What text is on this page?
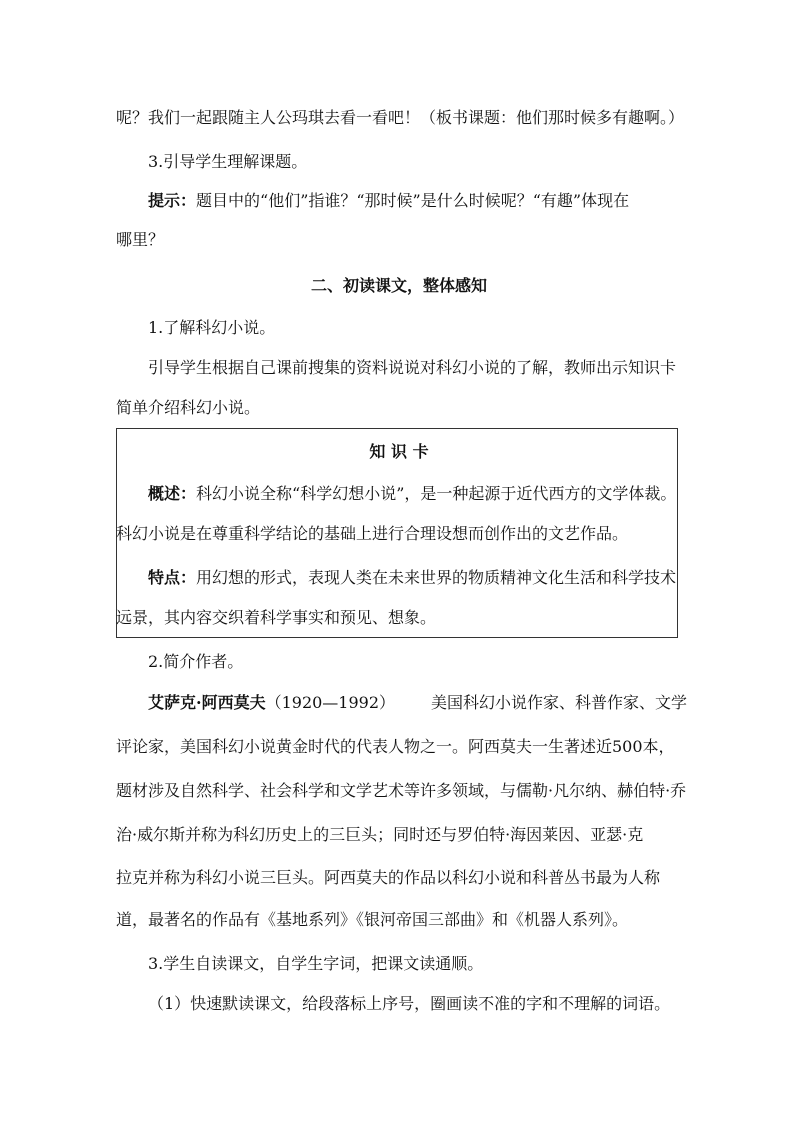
呢？我们一起跟随主人公玛琪去看一看吧！（板书课题：他们那时候多有趣啊。）
3.引导学生理解课题。
提示：题目中的“他们”指谁？“那时候”是什么时候呢？“有趣”体现在
哪里？
二、初读课文，整体感知
1.了解科幻小说。
引导学生根据自己课前搜集的资料说说对科幻小说的了解，教师出示知识卡
简单介绍科幻小说。
知 识 卡
概述：科幻小说全称“科学幻想小说”，是一种起源于近代西方的文学体裁。
科幻小说是在尊重科学结论的基础上进行合理设想而创作出的文艺作品。
特点：用幻想的形式，表现人类在未来世界的物质精神文化生活和科学技术
远景，其内容交织着科学事实和预见、想象。
2.简介作者。
艾萨克·阿西莫夫（1920—1992） 美国科幻小说作家、科普作家、文学
评论家，美国科幻小说黄金时代的代表人物之一。阿西莫夫一生著述近500本，
题材涉及自然科学、社会科学和文学艺术等许多领域，与儒勒·凡尔纳、赫伯特·乔
治·威尔斯并称为科幻历史上的三巨头；同时还与罗伯特·海因莱因、亚瑟·克
拉克并称为科幻小说三巨头。阿西莫夫的作品以科幻小说和科普丛书最为人称
道，最著名的作品有《基地系列》《银河帝国三部曲》和《机器人系列》。
3.学生自读课文，自学生字词，把课文读通顺。
（1）快速默读课文，给段落标上序号，圈画读不准的字和不理解的词语。
